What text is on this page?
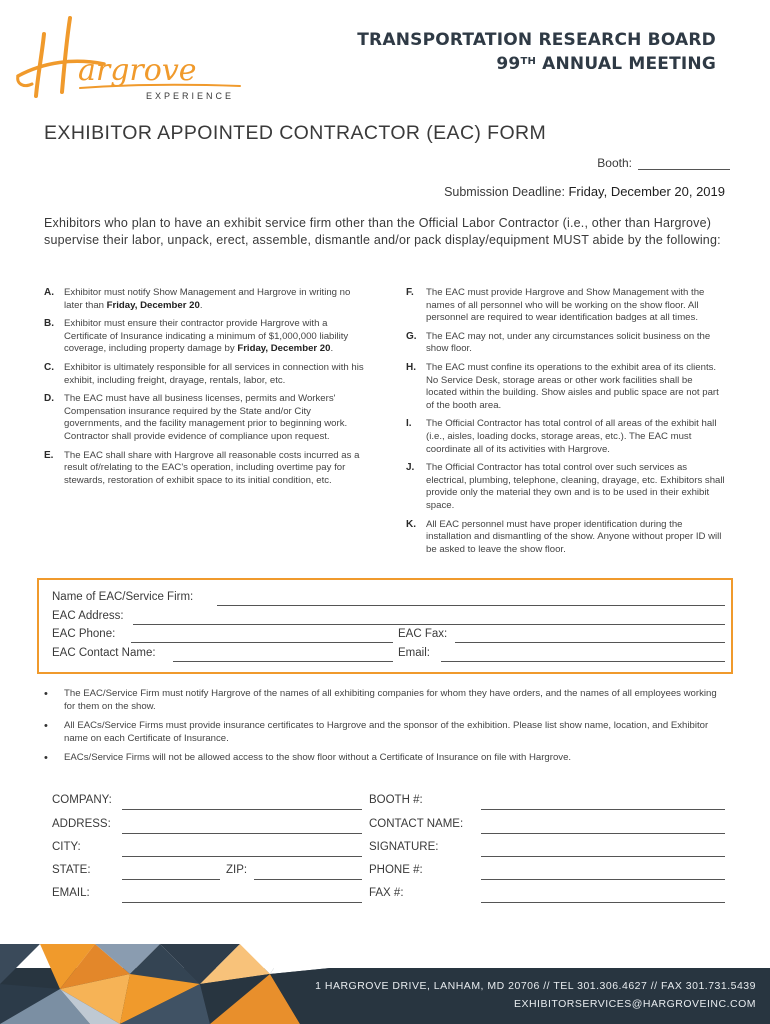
argrove
EXPERIENCE
TRANSPORTATION RESEARCH BOARD
99TH ANNUAL MEETING
EXHIBITOR APPOINTED CONTRACTOR (EAC) FORM
Booth:
Submission Deadline: Friday, December 20, 2019
Exhibitors who plan to have an exhibit service firm other than the Official Labor Contractor (i.e., other than Hargrove) supervise their labor, unpack, erect, assemble, dismantle and/or pack display/equipment MUST abide by the following:
A.	Exhibitor must notify Show Management and Hargrove in writing no later than Friday, December 20.
B.	Exhibitor must ensure their contractor provide Hargrove with a Certificate of Insurance indicating a minimum of $1,000,000 liability coverage, including property damage by Friday, December 20.
C.	Exhibitor is ultimately responsible for all services in connection with his exhibit, including freight, drayage, rentals, labor, etc.
D.	The EAC must have all business licenses, permits and Workers' Compensation insurance required by the State and/or City governments, and the facility management prior to beginning work. Contractor shall provide evidence of compliance upon request.
E.	The EAC shall share with Hargrove all reasonable costs incurred as a result of/relating to the EAC's operation, including overtime pay for stewards, restoration of exhibit space to its initial condition, etc.
F.	The EAC must provide Hargrove and Show Management with the names of all personnel who will be working on the show floor. All personnel are required to wear identification badges at all times.
G. The EAC may not, under any circumstances solicit business on the show floor.
H.	The EAC must confine its operations to the exhibit area of its clients. No Service Desk, storage areas or other work facilities shall be located within the building. Show aisles and public space are not part of the booth area.
I.	The Official Contractor has total control of all areas of the exhibit hall (i.e., aisles, loading docks, storage areas, etc.). The EAC must coordinate all of its activities with Hargrove.
J.	The Official Contractor has total control over such services as electrical, plumbing, telephone, cleaning, drayage, etc. Exhibitors shall provide only the material they own and is to be used in their exhibit space.
K.	All EAC personnel must have proper identification during the installation and dismantling of the show. Anyone without proper ID will be asked to leave the show floor.
Name of EAC/Service Firm:
EAC Address:
EAC Phone:	EAC Fax:
EAC Contact Name:	Email:
•	The EAC/Service Firm must notify Hargrove of the names of all exhibiting companies for whom they have orders, and the names of all employees working for them on the show.
•	All EACs/Service Firms must provide insurance certificates to Hargrove and the sponsor of the exhibition. Please list show name, location, and Exhibitor name on each Certificate of Insurance.
•	EACs/Service Firms will not be allowed access to the show floor without a Certificate of Insurance on file with Hargrove.
COMPANY:	BOOTH #:
ADDRESS:	CONTACT NAME:
CITY:	SIGNATURE:
STATE:	ZIP:	PHONE #:
EMAIL:	FAX #:
1 HARGROVE DRIVE, LANHAM, MD 20706 // TEL 301.306.4627 // FAX 301.731.5439
EXHIBITORSERVICES@HARGROVEINC.COM
